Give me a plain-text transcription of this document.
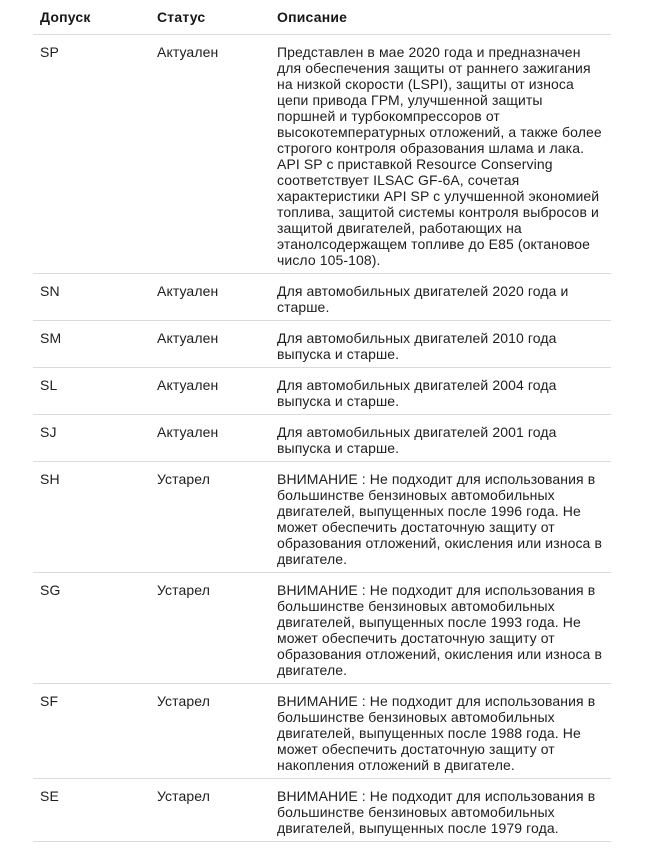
Допуск	Статус	Описание
SP	Актуален	Представлен в мае 2020 года и предназначен для обеспечения защиты от раннего зажигания на низкой скорости (LSPI), защиты от износа цепи привода ГРМ, улучшенной защиты поршней и турбокомпрессоров от высокотемпературных отложений, а также более строгого контроля образования шлама и лака. API SP с приставкой Resource Conserving соответствует ILSAC GF-6A, сочетая характеристики API SP с улучшенной экономией топлива, защитой системы контроля выбросов и защитой двигателей, работающих на этанолсодержащем топливе до E85 (октановое число 105-108).
SN	Актуален	Для автомобильных двигателей 2020 года и старше.
SM	Актуален	Для автомобильных двигателей 2010 года выпуска и старше.
SL	Актуален	Для автомобильных двигателей 2004 года выпуска и старше.
SJ	Актуален	Для автомобильных двигателей 2001 года выпуска и старше.
SH	Устарел	ВНИМАНИЕ : Не подходит для использования в большинстве бензиновых автомобильных двигателей, выпущенных после 1996 года. Не может обеспечить достаточную защиту от образования отложений, окисления или износа в двигателе.
SG	Устарел	ВНИМАНИЕ : Не подходит для использования в большинстве бензиновых автомобильных двигателей, выпущенных после 1993 года. Не может обеспечить достаточную защиту от образования отложений, окисления или износа в двигателе.
SF	Устарел	ВНИМАНИЕ : Не подходит для использования в большинстве бензиновых автомобильных двигателей, выпущенных после 1988 года. Не может обеспечить достаточную защиту от накопления отложений в двигателе.
SE	Устарел	ВНИМАНИЕ : Не подходит для использования в большинстве бензиновых автомобильных двигателей, выпущенных после 1979 года.
